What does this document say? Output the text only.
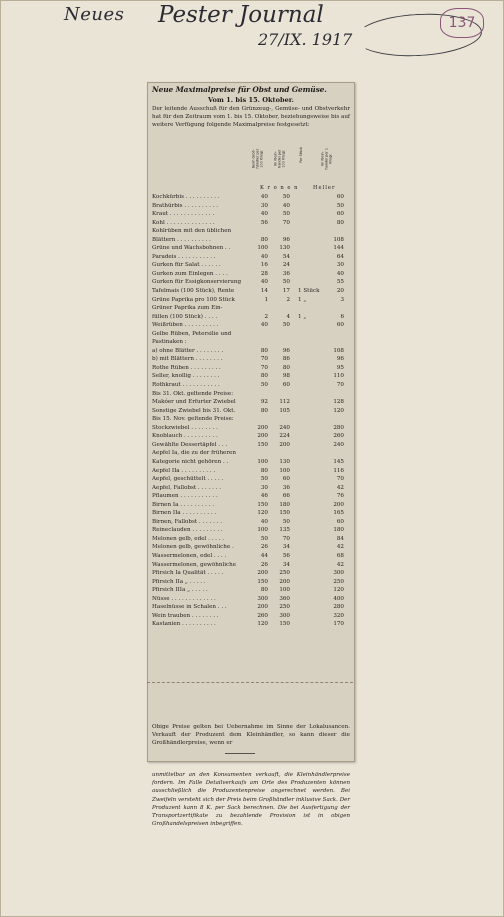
Neues Pester Journal
27/IX. 1917
137
Neue Maximalpreise für Obst und Gemüse.
Vom 1. bis 15. Oktober.
Der leitende Ausschuß für den Grünzeug-, Gemüse- und Obstverkehr hat für den Zeitraum vom 1. bis 15. Oktober, beziehungsweise bis auf weitere Verfügung folgende Maximalpreise festgesetzt:
Beim Großhändler per 100 Kilogr.	Im Kleinhandel per 100 Kilogr.	Per Stück	Im Kleinhandel per 1 Kilogr.
K r o n e n	Heller
Kochkürbis . . . . . . . . . .	40	50	60
Brathürbis . . . . . . . . . .	30	40	50
Kraut . . . . . . . . . . . . .	40	50	60
Kohl . . . . . . . . . . . . . .	56	70	80
Kohlrüben mit den üblichen
Blättern . . . . . . . . . .	80	96	108
Grüne und Wachsbohnen . .	100	130	144
Paradeis . . . . . . . . . . .	40	54	64
Gurken für Salat . . . . . .	16	24	30
Gurken zum Einlegen . . . .	28	36	40
Gurken für Essigkonservierung	40	50	55
Tafelmais (100 Stück), Rente	14	17 1 Stück	20
Grüne Paprika pro 100 Stück	1	2 1 „	3
Grüner Paprika zum Ein-
füllen (100 Stück) . . . .	2	4 1 „	6
Weißrüben . . . . . . . . . .	40	50	60
Gelbe Rüben, Petersilie und
Pastinaken :
a) ohne Blätter . . . . . . . .	80	96	108
b) mit Blättern . . . . . . . .	70	86	96
Rothe Rüben . . . . . . . . .	70	80	95
Seller, knollig . . . . . . . .	80	98	110
Rothkraut . . . . . . . . . . .	50	60	70
Bis 31. Okt. geltende Preise:
Makóer und Erfurter Zwiebel	92	112	128
Sonstige Zwiebel bis 31. Okt.	80	105	120
Bis 15. Nov. geltende Preise:
Stockzwiebel . . . . . . . .	200	240	280
Knoblauch . . . . . . . . . .	200	224	260
Gewählte Dessertäpfel . . .	150	200	240
Aepfel Ia, die zu der früheren
Kategorie nicht gehören . .	100	130	145
Aepfel IIa . . . . . . . . . .	80	100	116
Aepfel, geschüttelt . . . . .	50	60	70
Aepfel, Fallobst . . . . . . .	30	36	42
Pflaumen . . . . . . . . . . .	46	66	76
Birnen Ia . . . . . . . . . .	150	180	200
Birnen IIa . . . . . . . . . .	120	150	165
Birnen, Fallobst . . . . . . .	40	50	60
Reineclauden . . . . . . . . .	100	135	180
Melonen gelb, edel . . . . .	50	70	84
Melonen gelb, gewöhnliche .	26	34	42
Wassermelonen, edel . . . .	44	56	68
Wassermelonen, gewöhnliche	26	34	42
Pfirsich Ia Qualität . . . . .	200	250	300
Pfirsich IIa „ . . . . .	150	200	250
Pfirsich IIIa „ . . . . .	80	100	120
Nüsse . . . . . . . . . . . . .	300	360	400
Haselnüsse in Schalen . . .	200	250	280
Wein trauben . . . . . . . .	260	300	320
Kastanien . . . . . . . . . .	120	150	170
Obige Preise gelten bei Uebernahme im Sinne der Lokalusancen. Verkauft der Produzent dem Kleinhändler, so kann dieser die Großhändlerpreise, wenn er
unmittelbar an den Konsumenten verkauft, die Kleinhändlerpreise fordern. Im Falle Detailverkaufs am Orte des Produzenten können ausschließlich die Produzentenpreise angerechnet werden. Bei Zweifeln versteht sich der Preis beim Großhändler inklusive Sack. Der Produzent kann 8 K. per Sack berechnen. Die bei Ausfertigung der Transportzertifikate zu bezahlende Provision ist in obigen Großhandelspreisen inbegriffen.
